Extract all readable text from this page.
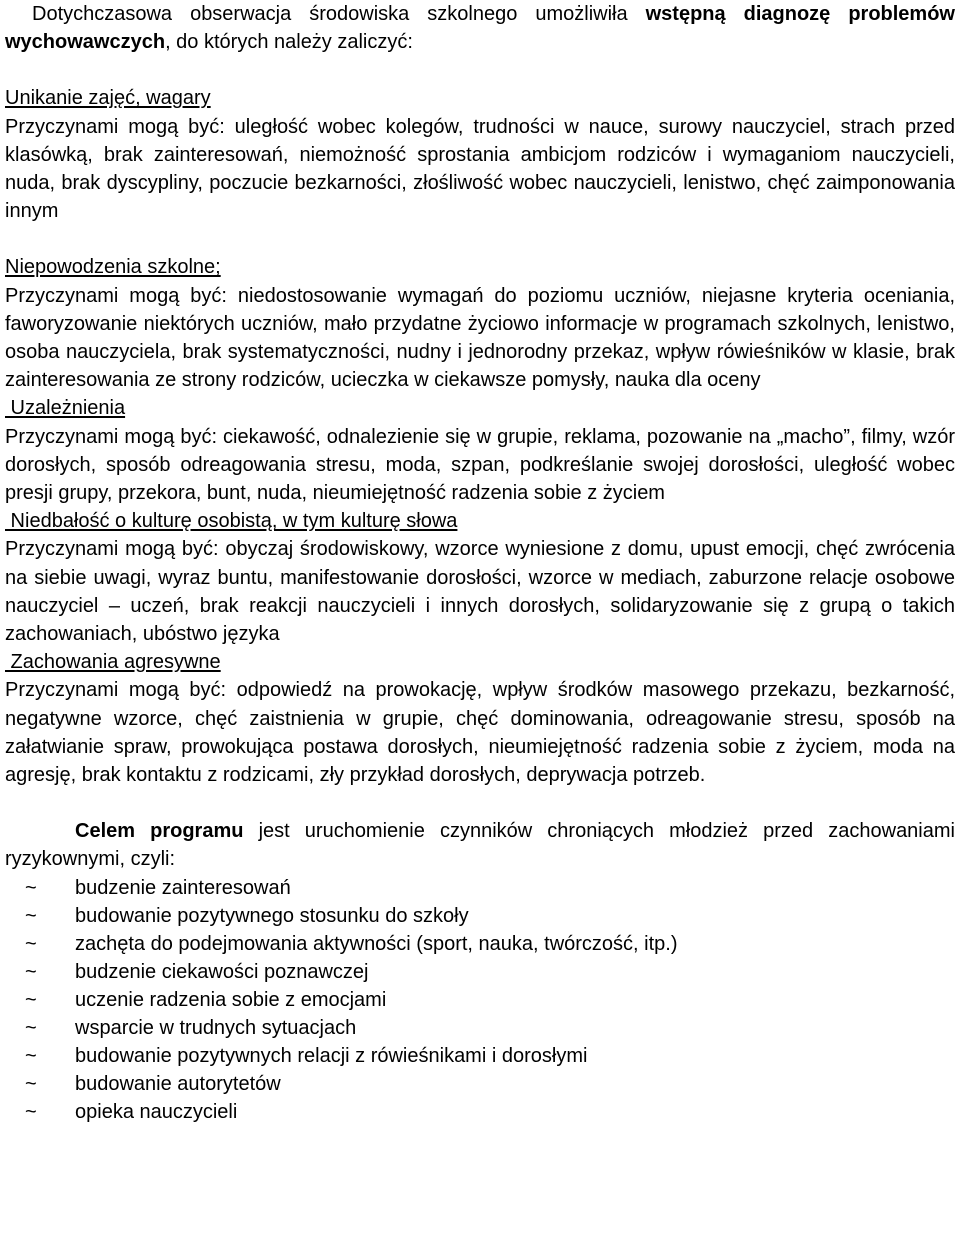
Dotychczasowa obserwacja środowiska szkolnego umożliwiła wstępną diagnozę problemów wychowawczych, do których należy zaliczyć:

Unikanie zajęć, wagary

Przyczynami mogą być: uległość wobec kolegów, trudności w nauce, surowy nauczyciel, strach przed klasówką, brak zainteresowań, niemożność sprostania ambicjom rodziców i wymaganiom nauczycieli, nuda, brak dyscypliny, poczucie bezkarności, złośliwość wobec nauczycieli, lenistwo, chęć zaimponowania innym

Niepowodzenia szkolne;

Przyczynami mogą być: niedostosowanie wymagań do poziomu uczniów, niejasne kryteria oceniania, faworyzowanie niektórych uczniów, mało przydatne życiowo informacje w programach szkolnych, lenistwo, osoba nauczyciela, brak systematyczności, nudny i jednorodny przekaz, wpływ rówieśników w klasie, brak zainteresowania ze strony rodziców, ucieczka w ciekawsze pomysły, nauka dla oceny

Uzależnienia

Przyczynami mogą być: ciekawość, odnalezienie się w grupie, reklama, pozowanie na „macho”, filmy, wzór dorosłych, sposób odreagowania stresu, moda, szpan, podkreślanie swojej dorosłości, uległość wobec presji grupy, przekora, bunt, nuda, nieumiejętność radzenia sobie z życiem

Niedbałość o kulturę osobistą, w tym kulturę słowa

Przyczynami mogą być: obyczaj środowiskowy, wzorce wyniesione z domu, upust emocji, chęć zwrócenia na siebie uwagi, wyraz buntu, manifestowanie dorosłości, wzorce w mediach, zaburzone relacje osobowe nauczyciel – uczeń, brak reakcji nauczycieli i innych dorosłych, solidaryzowanie się z grupą o takich zachowaniach, ubóstwo języka

Zachowania agresywne

Przyczynami mogą być: odpowiedź na prowokację, wpływ środków masowego przekazu, bezkarność, negatywne wzorce, chęć zaistnienia w grupie, chęć dominowania, odreagowanie stresu, sposób na załatwianie spraw, prowokująca postawa dorosłych, nieumiejętność radzenia sobie z życiem, moda na agresję, brak kontaktu z rodzicami, zły przykład dorosłych, deprywacja potrzeb.

Celem programu jest uruchomienie czynników chroniących młodzież przed zachowaniami ryzykownymi, czyli:

~	budzenie zainteresowań
~	budowanie pozytywnego stosunku do szkoły
~	zachęta do podejmowania aktywności (sport, nauka, twórczość, itp.)
~	budzenie ciekawości poznawczej
~	uczenie radzenia sobie z emocjami
~	wsparcie w trudnych sytuacjach
~	budowanie pozytywnych relacji z rówieśnikami i dorosłymi
~	budowanie autorytetów
~	opieka nauczycieli
